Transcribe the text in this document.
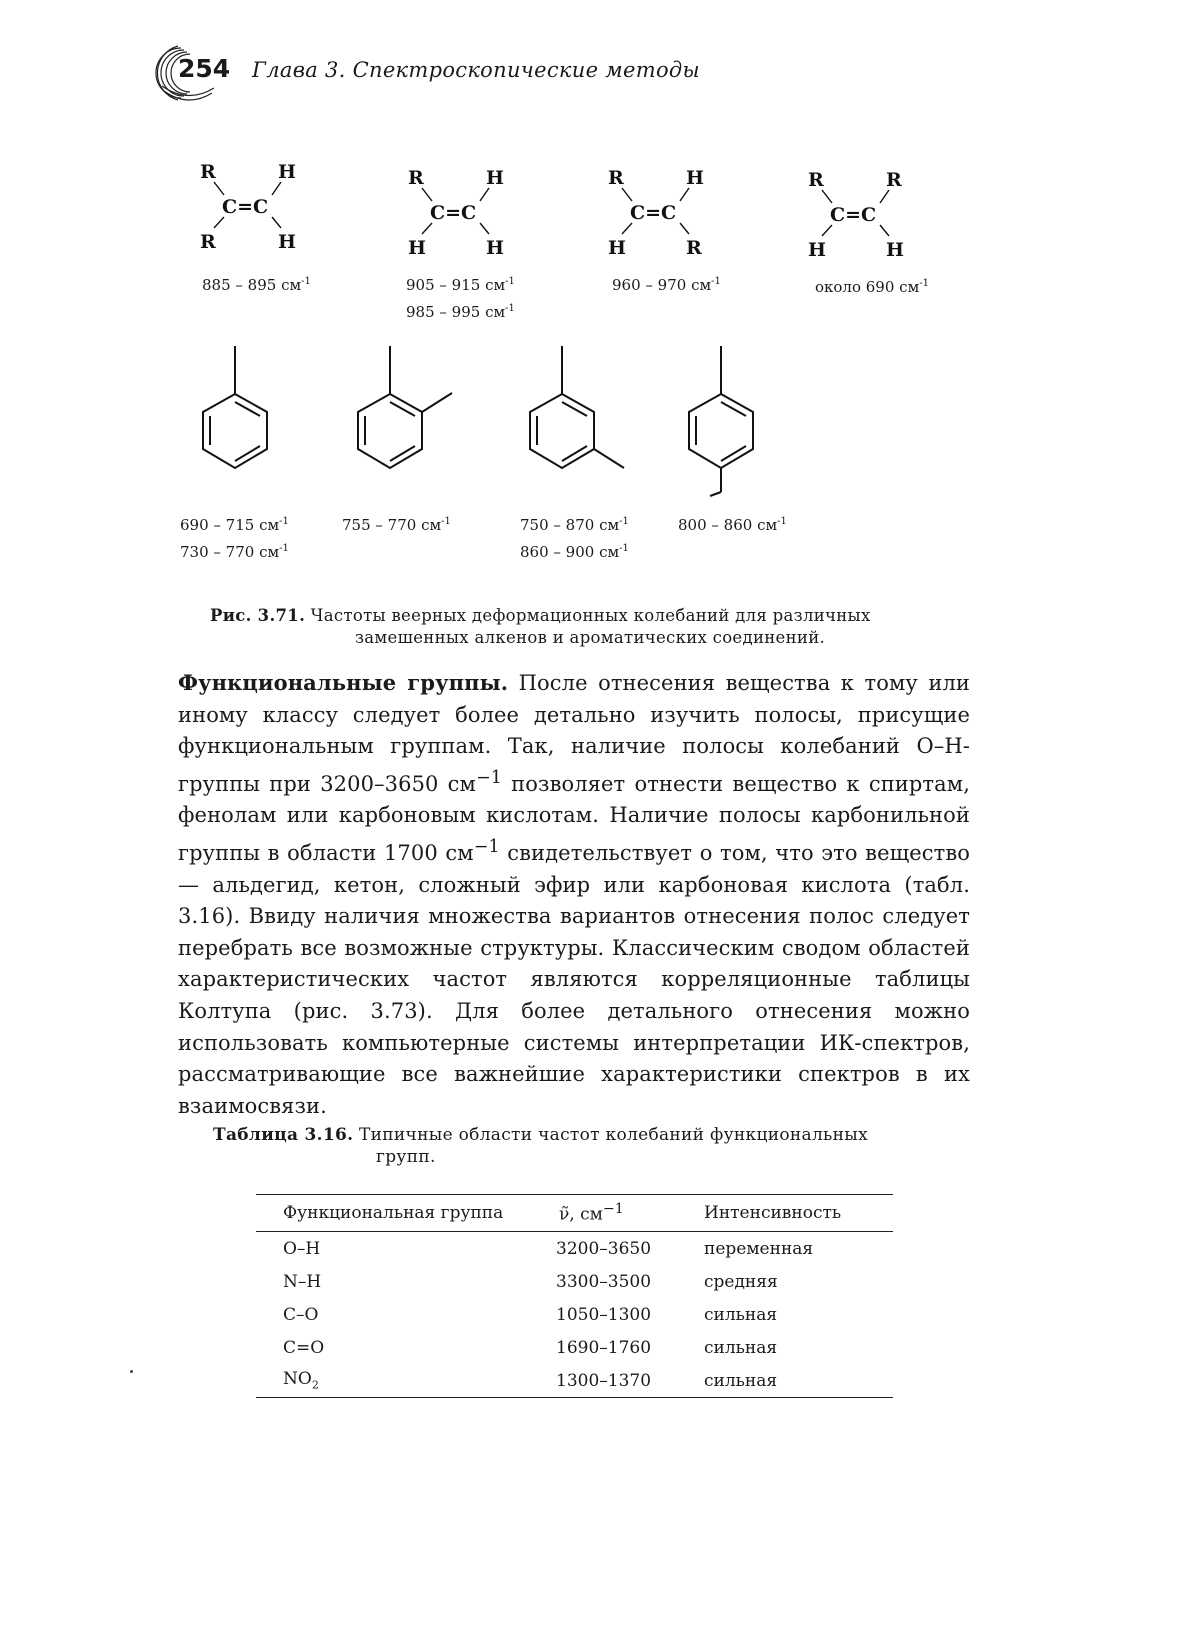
254 Глава 3. Спектроскопические методы
R	H
C=C
R	H
R	H
C=C
H	H
R	H
C=C
H	R
R	R
C=C
H	H
885 – 895 $см^{-1}$	905 – 915 $см^{-1}$
985 – 995 $см^{-1}$
960 – 970 $см^{-1}$	около 690 $см^{-1}$
690 – 715 $см^{-1}$
730 – 770 $см^{-1}$
755 – 770 $см^{-1}$	750 – 870 $см^{-1}$
860 – 900 $см^{-1}$
800 – 860 $см^{-1}$
Рис. 3.71. Частоты веерных деформационных колебаний для различных
замешенных алкенов и ароматических соединений.
Функциональные группы. После отнесения вещества к тому или иному классу следует более детально изучить полосы, присущие функциональным группам. Так, наличие полосы колебаний O–H-группы при 3200–3650 $см^{-1}$ позволяет отнести вещество к спиртам, фенолам или карбоновым кислотам. Наличие полосы карбонильной группы в области 1700 $см^{-1}$ свидетельствует о том, что это вещество — альдегид, кетон, сложный эфир или карбоновая кислота (табл. 3.16). Ввиду наличия множества вариантов отнесения полос следует перебрать все возможные структуры. Классическим сводом областей характеристических частот являются корреляционные таблицы Колтупа (рис. 3.73). Для более детального отнесения можно использовать компьютерные системы интерпретации ИК-спектров, рассматривающие все важнейшие характеристики спектров в их взаимосвязи.
Таблица 3.16. Типичные области частот колебаний функциональных
групп.
Функциональная группа	ν̃, $см^{-1}$	Интенсивность
O–H	3200–3650	переменная
N–H	3300–3500	средняя
C–O	1050–1300	сильная
C=O	1690–1760	сильная
$NO_2$	1300–1370	сильная
